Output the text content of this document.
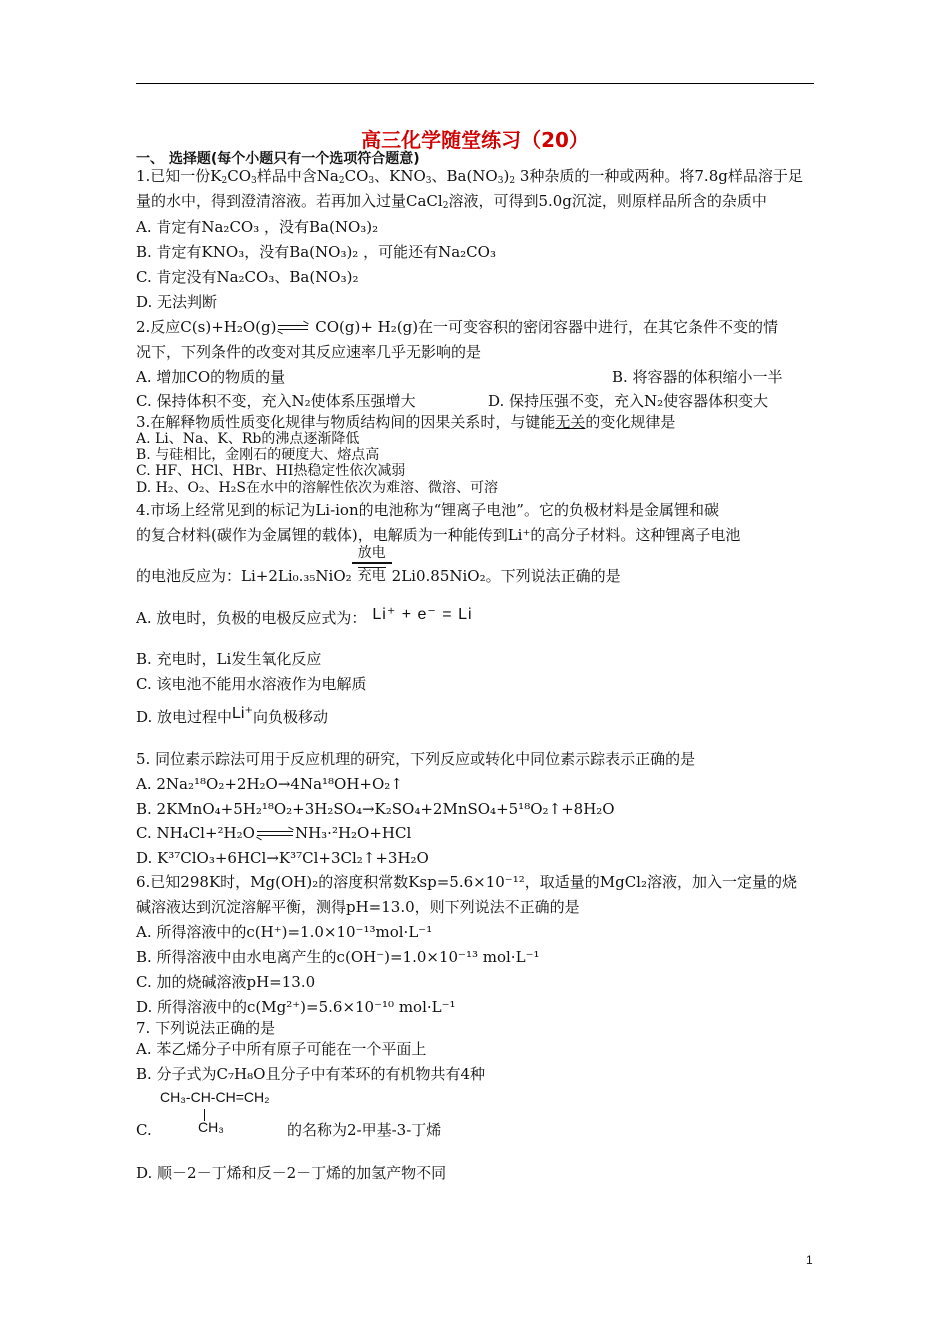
高三化学随堂练习（20）
一、 选择题(每个小题只有一个选项符合题意)
1.已知一份$K_2CO_3$样品中含$Na_2CO_3$、$KNO_3$、$Ba(NO_3)_2$ 3种杂质的一种或两种。将7.8g样品溶于足
量的水中，得到澄清溶液。若再加入过量CaCl$_2$溶液，可得到5.0g沉淀，则原样品所含的杂质中
A. 肯定有Na₂CO₃ ，没有Ba(NO₃)₂
B. 肯定有KNO₃，没有Ba(NO₃)₂ ，可能还有Na₂CO₃
C. 肯定没有Na₂CO₃、Ba(NO₃)₂
D. 无法判断
2.反应C(s)+H₂O(g)
CO(g)+ H₂(g)在一可变容积的密闭容器中进行，在其它条件不变的情
况下，下列条件的改变对其反应速率几乎无影响的是
A. 增加CO的物质的量	B. 将容器的体积缩小一半
C. 保持体积不变，充入N₂使体系压强增大	D. 保持压强不变，充入N₂使容器体积变大
3.在解释物质性质变化规律与物质结构间的因果关系时，与键能无关的变化规律是
A. Li、Na、K、Rb的沸点逐渐降低
B. 与硅相比，金刚石的硬度大、熔点高
C. HF、HCl、HBr、HI热稳定性依次减弱
D. H₂、O₂、H₂S在水中的溶解性依次为难溶、微溶、可溶
4.市场上经常见到的标记为Li-ion的电池称为“锂离子电池”。它的负极材料是金属锂和碳
的复合材料(碳作为金属锂的载体)，电解质为一种能传到Li⁺的高分子材料。这种锂离子电池
的电池反应为：Li+2Li₀.₃₅NiO₂
放电
充电 2Li0.85NiO₂。下列说法正确的是
A. 放电时，负极的电极反应式为： Li⁺ + e⁻ = Li
B. 充电时，Li发生氧化反应
C. 该电池不能用水溶液作为电解质
D. 放电过程中Li⁺向负极移动
5. 同位素示踪法可用于反应机理的研究，下列反应或转化中同位素示踪表示正确的是
A. 2Na₂¹⁸O₂+2H₂O→4Na¹⁸OH+O₂↑
B. 2KMnO₄+5H₂¹⁸O₂+3H₂SO₄→K₂SO₄+2MnSO₄+5¹⁸O₂↑+8H₂O
C. NH₄Cl+²H₂O	NH₃·²H₂O+HCl
D. K³⁷ClO₃+6HCl→K³⁷Cl+3Cl₂↑+3H₂O
6.已知298K时，Mg(OH)₂的溶度积常数Ksp=5.6×10⁻¹²，取适量的MgCl₂溶液，加入一定量的烧
碱溶液达到沉淀溶解平衡，测得pH=13.0，则下列说法不正确的是
A. 所得溶液中的c(H⁺)=1.0×10⁻¹³mol·L⁻¹
B. 所得溶液中由水电离产生的c(OH⁻)=1.0×10⁻¹³ mol·L⁻¹
C. 加的烧碱溶液pH=13.0
D. 所得溶液中的c(Mg²⁺)=5.6×10⁻¹⁰ mol·L⁻¹
7. 下列说法正确的是
A. 苯乙烯分子中所有原子可能在一个平面上
B. 分子式为C₇H₈O且分子中有苯环的有机物共有4种
CH₃-CH-CH=CH₂
CH₃
C.	的名称为2-甲基-3-丁烯
D. 顺－2－丁烯和反－2－丁烯的加氢产物不同
1
